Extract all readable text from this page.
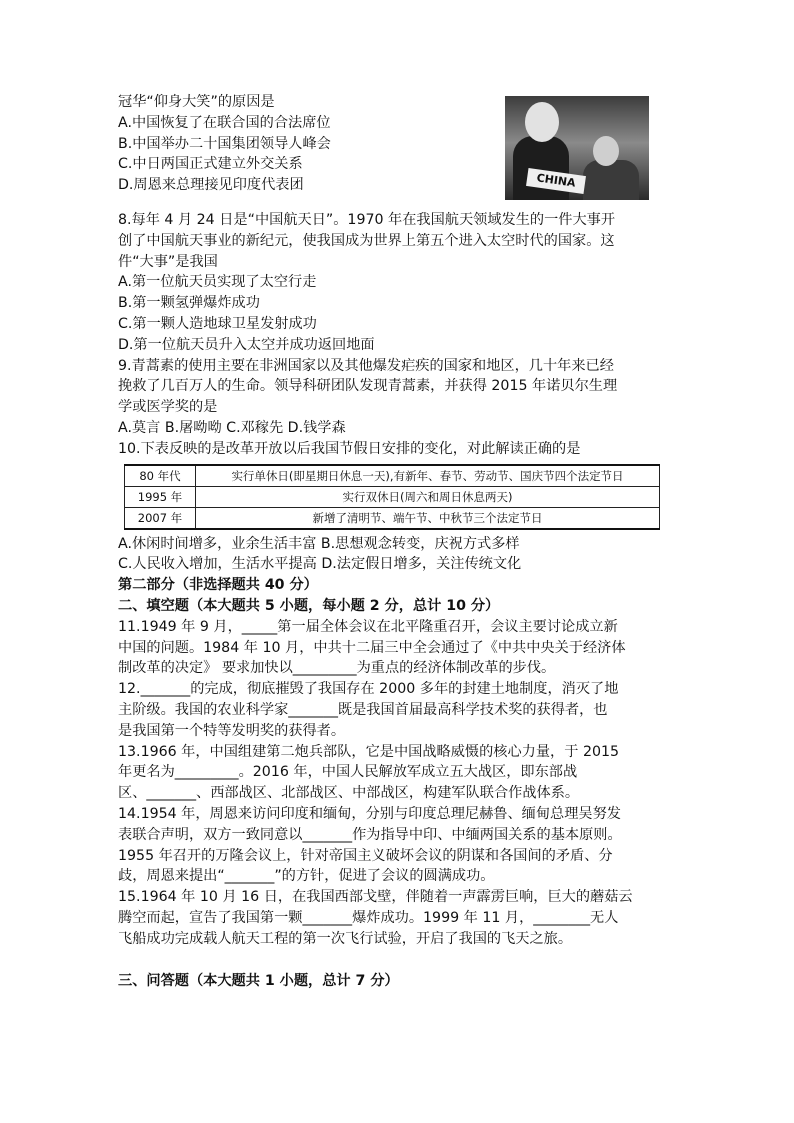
CHINA
冠华“仰身大笑”的原因是
A.中国恢复了在联合国的合法席位
B.中国举办二十国集团领导人峰会
C.中日两国正式建立外交关系
D.周恩来总理接见印度代表团
8.每年 4 月 24 日是“中国航天日”。1970 年在我国航天领域发生的一件大事开
创了中国航天事业的新纪元，使我国成为世界上第五个进入太空时代的国家。这
件“大事”是我国
A.第一位航天员实现了太空行走
B.第一颗氢弹爆炸成功
C.第一颗人造地球卫星发射成功
D.第一位航天员升入太空并成功返回地面
9.青蒿素的使用主要在非洲国家以及其他爆发疟疾的国家和地区，几十年来已经
挽救了几百万人的生命。领导科研团队发现青蒿素，并获得 2015 年诺贝尔生理
学或医学奖的是
A.莫言 B.屠呦呦 C.邓稼先 D.钱学森
10.下表反映的是改革开放以后我国节假日安排的变化，对此解读正确的是
80 年代	实行单休日(即星期日休息一天),有新年、春节、劳动节、国庆节四个法定节日
1995 年	实行双休日(周六和周日休息两天)
2007 年	新增了清明节、端午节、中秋节三个法定节日
A.休闲时间增多，业余生活丰富 B.思想观念转变，庆祝方式多样
C.人民收入增加，生活水平提高 D.法定假日增多，关注传统文化
第二部分（非选择题共 40 分）
二、填空题（本大题共 5 小题，每小题 2 分，总计 10 分）
11.1949 年 9 月，_____第一届全体会议在北平隆重召开，会议主要讨论成立新
中国的问题。1984 年 10 月，中共十二届三中全会通过了《中共中央关于经济体
制改革的决定》 要求加快以_________为重点的经济体制改革的步伐。
12._______的完成，彻底摧毁了我国存在 2000 多年的封建土地制度，消灭了地
主阶级。我国的农业科学家_______既是我国首届最高科学技术奖的获得者，也
是我国第一个特等发明奖的获得者。
13.1966 年，中国组建第二炮兵部队，它是中国战略威慑的核心力量，于 2015
年更名为_________。2016 年，中国人民解放军成立五大战区，即东部战
区、_______、西部战区、北部战区、中部战区，构建军队联合作战体系。
14.1954 年，周恩来访问印度和缅甸，分别与印度总理尼赫鲁、缅甸总理吴努发
表联合声明，双方一致同意以_______作为指导中印、中缅两国关系的基本原则。
1955 年召开的万隆会议上，针对帝国主义破坏会议的阴谋和各国间的矛盾、分
歧，周恩来提出“_______”的方针，促进了会议的圆满成功。
15.1964 年 10 月 16 日，在我国西部戈壁，伴随着一声霹雳巨响，巨大的蘑菇云
腾空而起，宣告了我国第一颗_______爆炸成功。1999 年 11 月，________无人
飞船成功完成载人航天工程的第一次飞行试验，开启了我国的飞天之旅。
三、问答题（本大题共 1 小题，总计 7 分）
